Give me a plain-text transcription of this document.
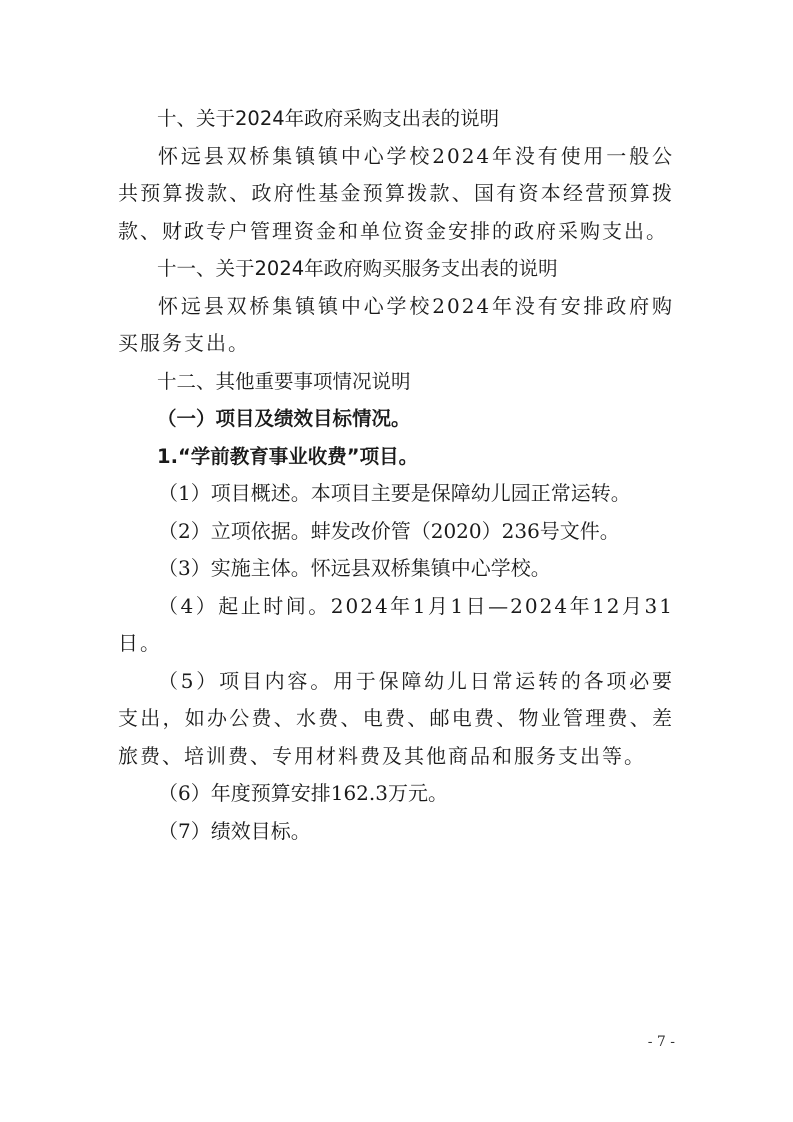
十、关于2024年政府采购支出表的说明

怀远县双桥集镇镇中心学校2024年没有使用一般公共预算拨款、政府性基金预算拨款、国有资本经营预算拨款、财政专户管理资金和单位资金安排的政府采购支出。

十一、关于2024年政府购买服务支出表的说明

怀远县双桥集镇镇中心学校2024年没有安排政府购买服务支出。

十二、其他重要事项情况说明

（一）项目及绩效目标情况。

1.“学前教育事业收费”项目。

（1）项目概述。本项目主要是保障幼儿园正常运转。

（2）立项依据。蚌发改价管（2020）236号文件。

（3）实施主体。怀远县双桥集镇中心学校。

（4）起止时间。2024年1月1日—2024年12月31日。

（5）项目内容。用于保障幼儿日常运转的各项必要支出，如办公费、水费、电费、邮电费、物业管理费、差旅费、培训费、专用材料费及其他商品和服务支出等。

（6）年度预算安排162.3万元。

（7）绩效目标。

- 7 -
